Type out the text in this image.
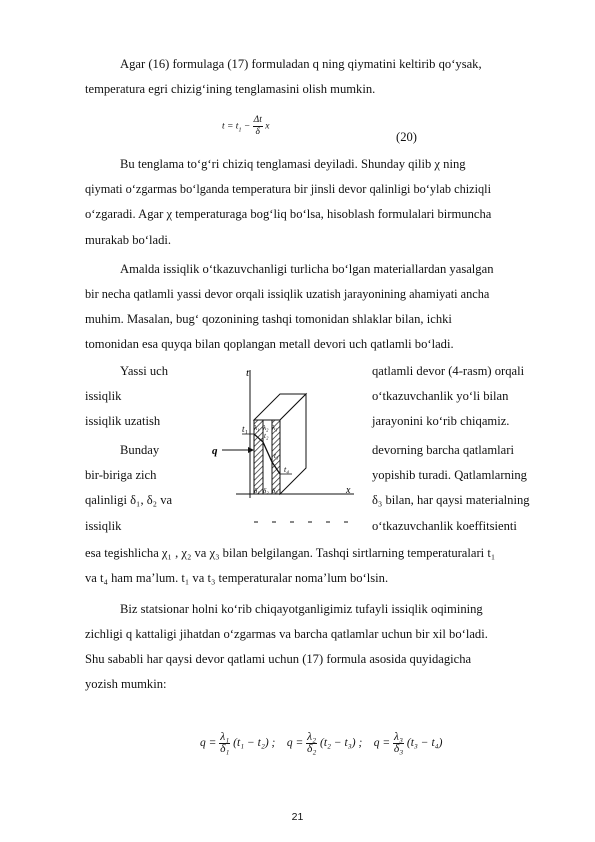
Agar (16) formulaga (17) formuladan q ning qiymatini keltirib qo‘ysak,
temperatura egri chizig‘ining tenglamasini olish mumkin.
$t = t_1 - \frac{\Delta t}{\delta}$ x
(20)
Bu tenglama to‘g‘ri chiziq tenglamasi deyiladi. Shunday qilib χ ning
qiymati o‘zgarmas bo‘lganda temperatura bir jinsli devor qalinligi bo‘ylab chiziqli
o‘zgaradi. Agar χ temperaturaga bog‘liq bo‘lsa, hisoblash formulalari birmuncha
murakab bo‘ladi.
Amalda issiqlik o‘tkazuvchanligi turlicha bo‘lgan materiallardan yasalgan
bir necha qatlamli yassi devor orqali issiqlik uzatish jarayonining ahamiyati ancha
muhim. Masalan, bug‘ qozonining tashqi tomonidan shlaklar bilan, ichki
tomonidan esa quyqa bilan qoplangan metall devori uch qatlamli bo‘ladi.
Yassi uch	qatlamli devor (4-rasm) orqali
issiqlik	o‘tkazuvchanlik yo‘li bilan
issiqlik uzatish	jarayonini ko‘rib chiqamiz.
Bunday	devorning barcha qatlamlari
bir-biriga zich	yopishib turadi. Qatlamlarning
qalinligi δ₁, δ₂ va	δ₃ bilan, har qaysi materialning
issiqlik	o‘tkazuvchanlik koeffitsienti
t
x
q
t₁
t₂
t₃
t₄
λ₁ λ₂ λ₃
δ₁ δ₂ δ₃
esa tegishlicha χ₁ , χ₂ va χ₃ bilan belgilangan. Tashqi sirtlarning temperaturalari t₁
va t₄ ham ma’lum. t₁ va t₃ temperaturalar noma’lum bo‘lsin.
Biz statsionar holni ko‘rib chiqayotganligimiz tufayli issiqlik oqimining
zichligi q kattaligi jihatdan o‘zgarmas va barcha qatlamlar uchun bir xil bo‘ladi.
Shu sababli har qaysi devor qatlami uchun (17) formula asosida quyidagicha
yozish mumkin:
$q = \frac{\text{λ₁}}{\text{δ₁}} (t_1 - t_2)$ ; $q = \frac{\text{λ₂}}{\text{δ₂}} (t_2 - t_3)$ ; $q = \frac{\text{λ₃}}{\text{δ₃}} (t_3 - t_4)$
21
